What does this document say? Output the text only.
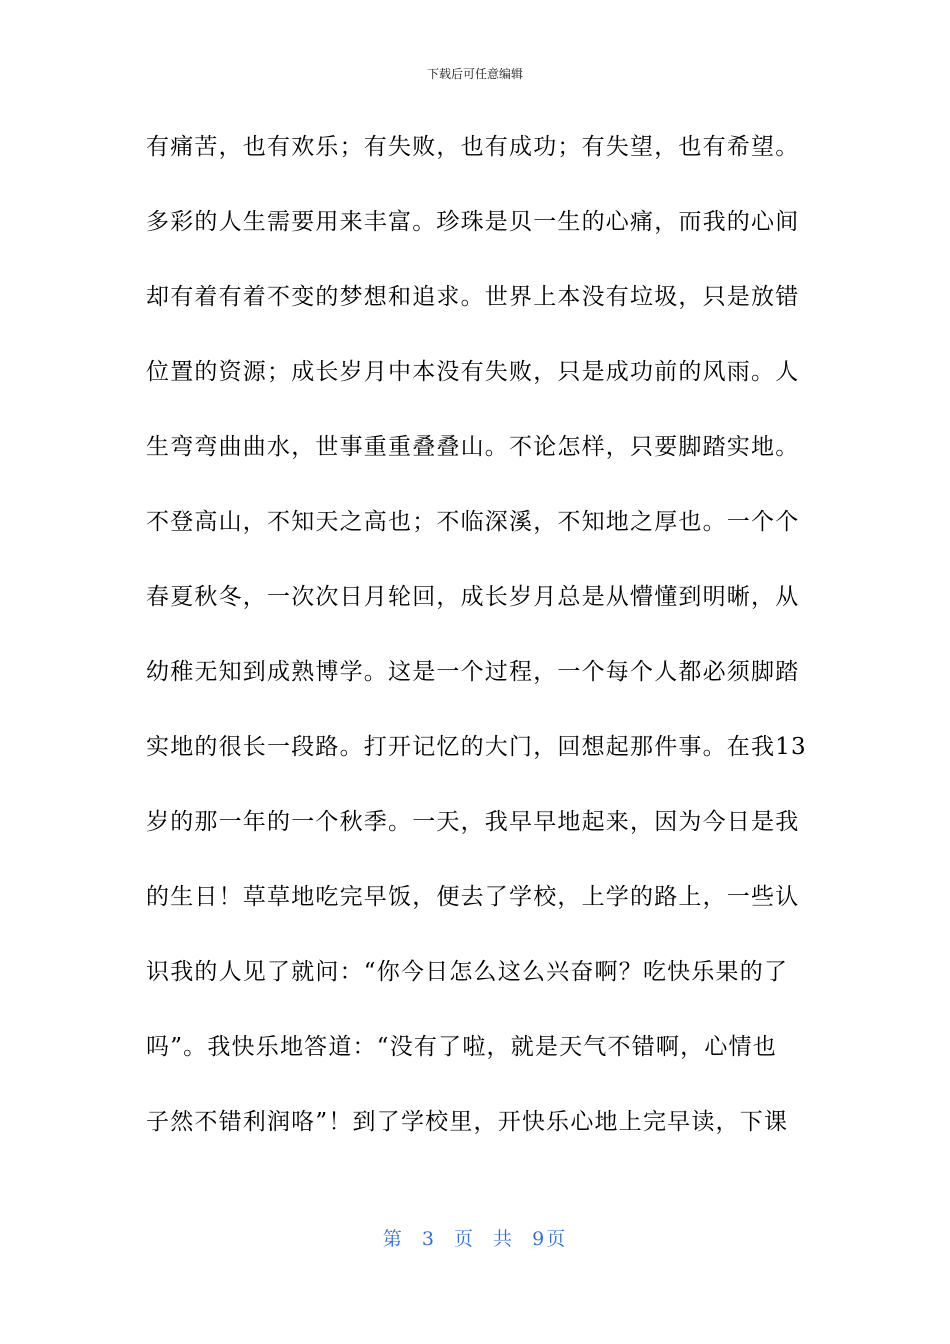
下载后可任意编辑
有痛苦，也有欢乐；有失败，也有成功；有失望，也有希望。
多彩的人生需要用来丰富。珍珠是贝一生的心痛，而我的心间
却有着有着不变的梦想和追求。世界上本没有垃圾，只是放错
位置的资源；成长岁月中本没有失败，只是成功前的风雨。人
生弯弯曲曲水，世事重重叠叠山。不论怎样，只要脚踏实地。
不登高山，不知天之高也；不临深溪，不知地之厚也。一个个
春夏秋冬，一次次日月轮回，成长岁月总是从懵懂到明晰，从
幼稚无知到成熟博学。这是一个过程，一个每个人都必须脚踏
实地的很长一段路。打开记忆的大门，回想起那件事。在我13
岁的那一年的一个秋季。一天，我早早地起来，因为今日是我
的生日！草草地吃完早饭，便去了学校，上学的路上，一些认
识我的人见了就问：“你今日怎么这么兴奋啊？吃快乐果的了
吗”。我快乐地答道：“没有了啦，就是天气不错啊，心情也
子然不错利润咯”！到了学校里，开快乐心地上完早读，下课
第 3 页 共 9页
